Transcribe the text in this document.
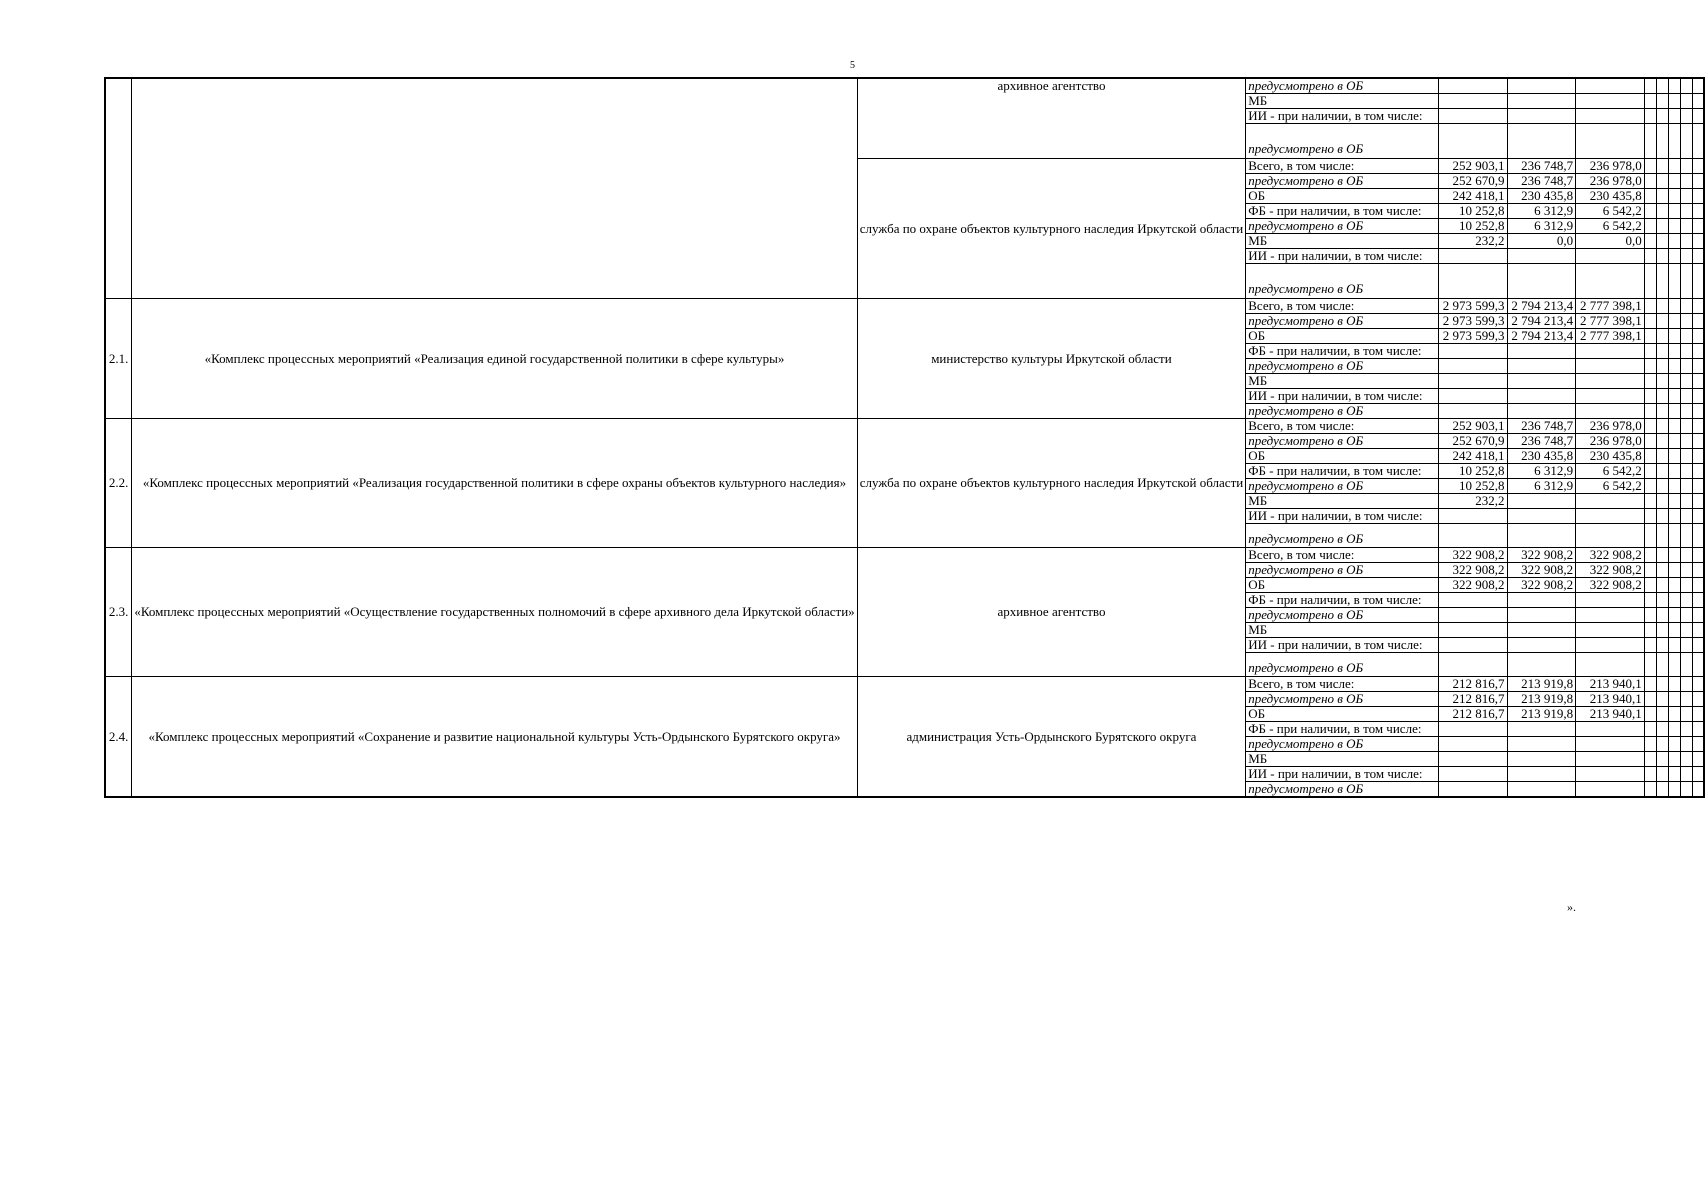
5
		архивное агентство	предусмотрено в ОБ								
			МБ								
			ИИ - при наличии, в том числе:								
			предусмотрено в ОБ								
		служба по охране объектов культурного наследия Иркутской области	Всего, в том числе:	252 903,1	236 748,7	236 978,0					
			предусмотрено в ОБ	252 670,9	236 748,7	236 978,0					
			ОБ	242 418,1	230 435,8	230 435,8					
			ФБ - при наличии, в том числе:	10 252,8	6 312,9	6 542,2					
			предусмотрено в ОБ	10 252,8	6 312,9	6 542,2					
			МБ	232,2	0,0	0,0					
			ИИ - при наличии, в том числе:								
			предусмотрено в ОБ								
2.1.	«Комплекс процессных мероприятий «Реализация единой государственной политики в сфере культуры»	министерство культуры Иркутской области	Всего, в том числе:	2 973 599,3	2 794 213,4	2 777 398,1					
			предусмотрено в ОБ	2 973 599,3	2 794 213,4	2 777 398,1					
			ОБ	2 973 599,3	2 794 213,4	2 777 398,1					
			ФБ - при наличии, в том числе:								
			предусмотрено в ОБ								
			МБ								
			ИИ - при наличии, в том числе:								
			предусмотрено в ОБ								
2.2.	«Комплекс процессных мероприятий «Реализация государственной политики в сфере охраны объектов культурного наследия»	служба по охране объектов культурного наследия Иркутской области	Всего, в том числе:	252 903,1	236 748,7	236 978,0					
			предусмотрено в ОБ	252 670,9	236 748,7	236 978,0					
			ОБ	242 418,1	230 435,8	230 435,8					
			ФБ - при наличии, в том числе:	10 252,8	6 312,9	6 542,2					
			предусмотрено в ОБ	10 252,8	6 312,9	6 542,2					
			МБ	232,2							
			ИИ - при наличии, в том числе:								
			предусмотрено в ОБ								
2.3.	«Комплекс процессных мероприятий «Осуществление государственных полномочий в сфере архивного дела Иркутской области»	архивное агентство	Всего, в том числе:	322 908,2	322 908,2	322 908,2					
			предусмотрено в ОБ	322 908,2	322 908,2	322 908,2					
			ОБ	322 908,2	322 908,2	322 908,2					
			ФБ - при наличии, в том числе:								
			предусмотрено в ОБ								
			МБ								
			ИИ - при наличии, в том числе:								
			предусмотрено в ОБ								
2.4.	«Комплекс процессных мероприятий «Сохранение и развитие национальной культуры Усть-Ордынского Бурятского округа»	администрация Усть-Ордынского Бурятского округа	Всего, в том числе:	212 816,7	213 919,8	213 940,1					
			предусмотрено в ОБ	212 816,7	213 919,8	213 940,1					
			ОБ	212 816,7	213 919,8	213 940,1					
			ФБ - при наличии, в том числе:								
			предусмотрено в ОБ								
			МБ								
			ИИ - при наличии, в том числе:								
			предусмотрено в ОБ								
».
